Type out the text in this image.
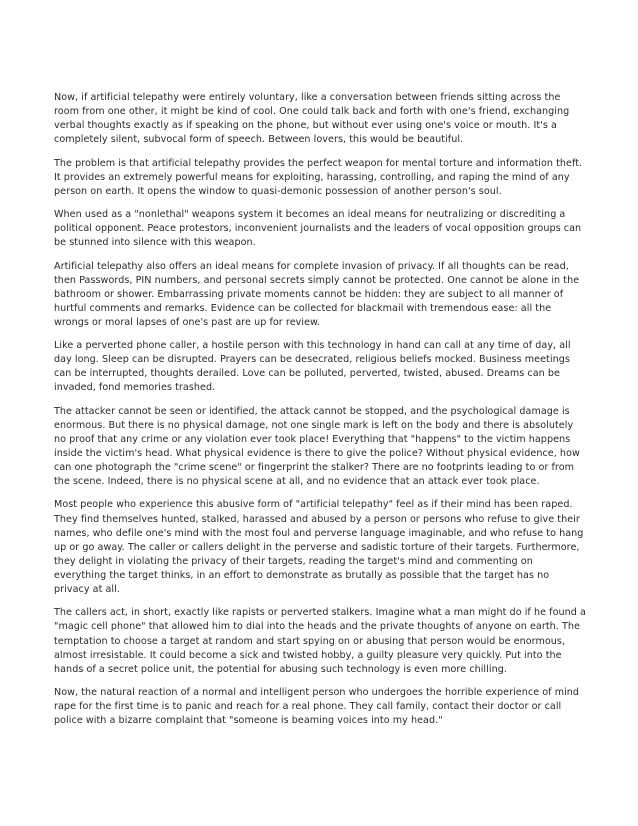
Now, if artificial telepathy were entirely voluntary, like a conversation between friends sitting across the room from one other, it might be kind of cool. One could talk back and forth with one's friend, exchanging verbal thoughts exactly as if speaking on the phone, but without ever using one's voice or mouth. It's a completely silent, subvocal form of speech. Between lovers, this would be beautiful.

The problem is that artificial telepathy provides the perfect weapon for mental torture and information theft. It provides an extremely powerful means for exploiting, harassing, controlling, and raping the mind of any person on earth. It opens the window to quasi-demonic possession of another person's soul.

When used as a "nonlethal" weapons system it becomes an ideal means for neutralizing or discrediting a political opponent. Peace protestors, inconvenient journalists and the leaders of vocal opposition groups can be stunned into silence with this weapon.

Artificial telepathy also offers an ideal means for complete invasion of privacy. If all thoughts can be read, then Passwords, PIN numbers, and personal secrets simply cannot be protected. One cannot be alone in the bathroom or shower. Embarrassing private moments cannot be hidden: they are subject to all manner of hurtful comments and remarks. Evidence can be collected for blackmail with tremendous ease: all the wrongs or moral lapses of one's past are up for review.

Like a perverted phone caller, a hostile person with this technology in hand can call at any time of day, all day long. Sleep can be disrupted. Prayers can be desecrated, religious beliefs mocked. Business meetings can be interrupted, thoughts derailed. Love can be polluted, perverted, twisted, abused. Dreams can be invaded, fond memories trashed.

The attacker cannot be seen or identified, the attack cannot be stopped, and the psychological damage is enormous. But there is no physical damage, not one single mark is left on the body and there is absolutely no proof that any crime or any violation ever took place! Everything that "happens" to the victim happens inside the victim's head. What physical evidence is there to give the police? Without physical evidence, how can one photograph the "crime scene" or fingerprint the stalker? There are no footprints leading to or from the scene. Indeed, there is no physical scene at all, and no evidence that an attack ever took place.

Most people who experience this abusive form of "artificial telepathy" feel as if their mind has been raped. They find themselves hunted, stalked, harassed and abused by a person or persons who refuse to give their names, who defile one's mind with the most foul and perverse language imaginable, and who refuse to hang up or go away. The caller or callers delight in the perverse and sadistic torture of their targets. Furthermore, they delight in violating the privacy of their targets, reading the target's mind and commenting on everything the target thinks, in an effort to demonstrate as brutally as possible that the target has no privacy at all.

The callers act, in short, exactly like rapists or perverted stalkers. Imagine what a man might do if he found a "magic cell phone" that allowed him to dial into the heads and the private thoughts of anyone on earth. The temptation to choose a target at random and start spying on or abusing that person would be enormous, almost irresistable. It could become a sick and twisted hobby, a guilty pleasure very quickly. Put into the hands of a secret police unit, the potential for abusing such technology is even more chilling.

Now, the natural reaction of a normal and intelligent person who undergoes the horrible experience of mind rape for the first time is to panic and reach for a real phone. They call family, contact their doctor or call police with a bizarre complaint that "someone is beaming voices into my head."
